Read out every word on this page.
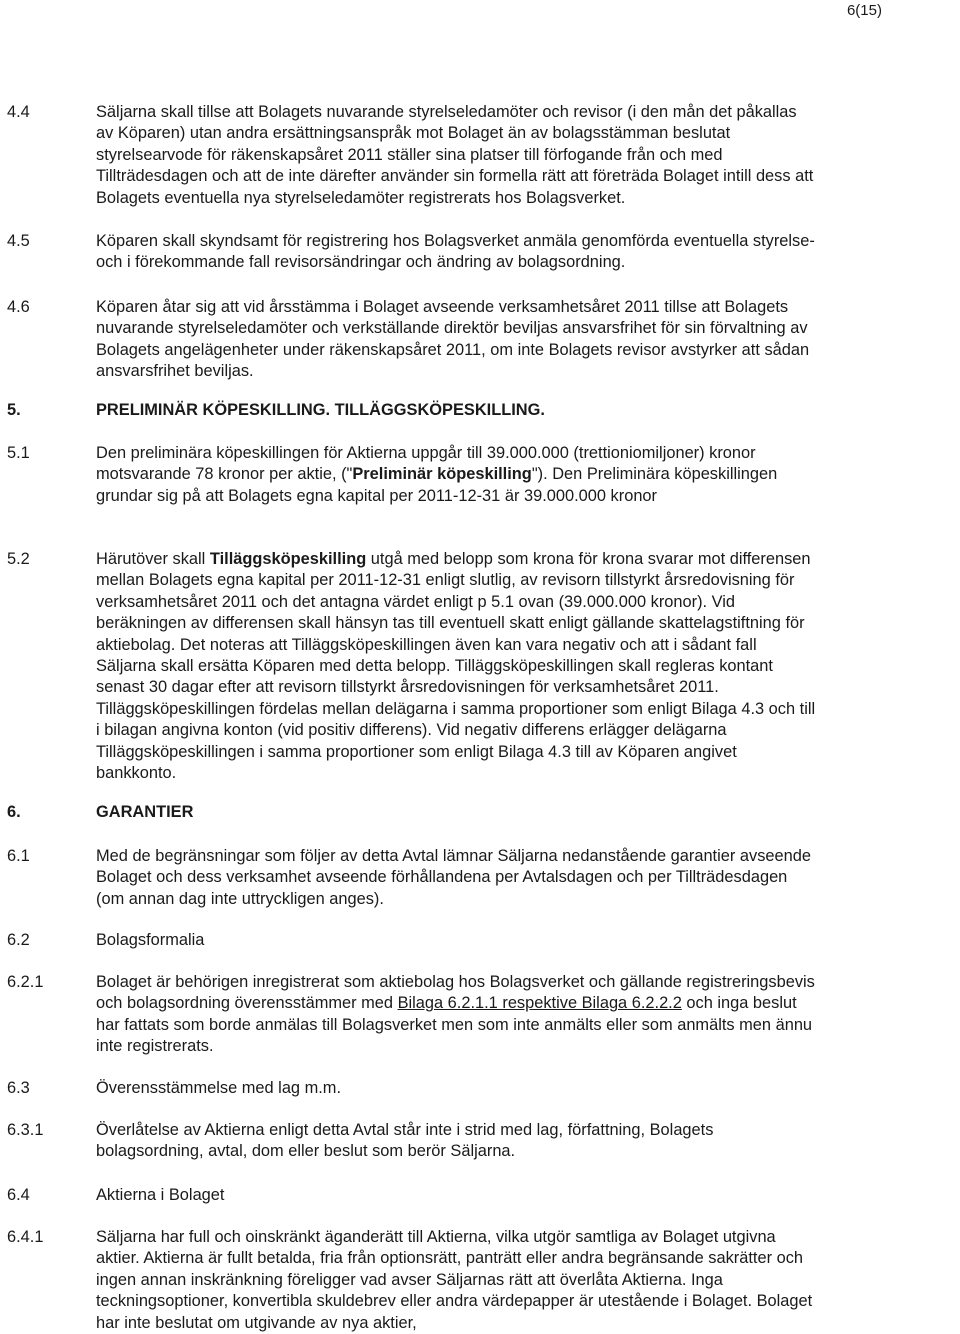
6(15)
4.4	Säljarna skall tillse att Bolagets nuvarande styrelseledamöter och revisor (i den mån det påkallas av Köparen) utan andra ersättningsanspråk mot Bolaget än av bolagsstämman beslutat styrelsearvode för räkenskapsåret 2011 ställer sina platser till förfogande från och med Tillträdesdagen och att de inte därefter använder sin formella rätt att företräda Bolaget intill dess att Bolagets eventuella nya styrelseledamöter registrerats hos Bolagsverket.
4.5	Köparen skall skyndsamt för registrering hos Bolagsverket anmäla genomförda eventuella styrelse- och i förekommande fall revisorsändringar och ändring av bolagsordning.
4.6	Köparen åtar sig att vid årsstämma i Bolaget avseende verksamhetsåret 2011 tillse att Bolagets nuvarande styrelseledamöter och verkställande direktör beviljas ansvarsfrihet för sin förvaltning av Bolagets angelägenheter under räkenskapsåret 2011, om inte Bolagets revisor avstyrker att sådan ansvarsfrihet beviljas.
5.	PRELIMINÄR KÖPESKILLING. TILLÄGGSKÖPESKILLING.
5.1	Den preliminära köpeskillingen för Aktierna uppgår till 39.000.000 (trettioniomiljoner) kronor motsvarande 78 kronor per aktie, ("Preliminär köpeskilling"). Den Preliminära köpeskillingen grundar sig på att Bolagets egna kapital per 2011-12-31 är 39.000.000 kronor
5.2	Härutöver skall Tilläggsköpeskilling utgå med belopp som krona för krona svarar mot differensen mellan Bolagets egna kapital per 2011-12-31 enligt slutlig, av revisorn tillstyrkt årsredovisning för verksamhetsåret 2011 och det antagna värdet enligt p 5.1 ovan (39.000.000 kronor). Vid beräkningen av differensen skall hänsyn tas till eventuell skatt enligt gällande skattelagstiftning för aktiebolag. Det noteras att Tilläggsköpeskillingen även kan vara negativ och att i sådant fall Säljarna skall ersätta Köparen med detta belopp. Tilläggsköpeskillingen skall regleras kontant senast 30 dagar efter att revisorn tillstyrkt årsredovisningen för verksamhetsåret 2011. Tilläggsköpeskillingen fördelas mellan delägarna i samma proportioner som enligt Bilaga 4.3 och till i bilagan angivna konton (vid positiv differens). Vid negativ differens erlägger delägarna Tilläggsköpeskillingen i samma proportioner som enligt Bilaga 4.3 till av Köparen angivet bankkonto.
6.	GARANTIER
6.1	Med de begränsningar som följer av detta Avtal lämnar Säljarna nedanstående garantier avseende Bolaget och dess verksamhet avseende förhållandena per Avtalsdagen och per Tillträdesdagen (om annan dag inte uttryckligen anges).
6.2	Bolagsformalia
6.2.1	Bolaget är behörigen inregistrerat som aktiebolag hos Bolagsverket och gällande registreringsbevis och bolagsordning överensstämmer med Bilaga 6.2.1.1 respektive Bilaga 6.2.2.2 och inga beslut har fattats som borde anmälas till Bolagsverket men som inte anmälts eller som anmälts men ännu inte registrerats.
6.3	Överensstämmelse med lag m.m.
6.3.1	Överlåtelse av Aktierna enligt detta Avtal står inte i strid med lag, författning, Bolagets bolagsordning, avtal, dom eller beslut som berör Säljarna.
6.4	Aktierna i Bolaget
6.4.1	Säljarna har full och oinskränkt äganderätt till Aktierna, vilka utgör samtliga av Bolaget utgivna aktier. Aktierna är fullt betalda, fria från optionsrätt, panträtt eller andra begränsande sakrätter och ingen annan inskränkning föreligger vad avser Säljarnas rätt att överlåta Aktierna. Inga teckningsoptioner, konvertibla skuldebrev eller andra värdepapper är utestående i Bolaget. Bolaget har inte beslutat om utgivande av nya aktier,
